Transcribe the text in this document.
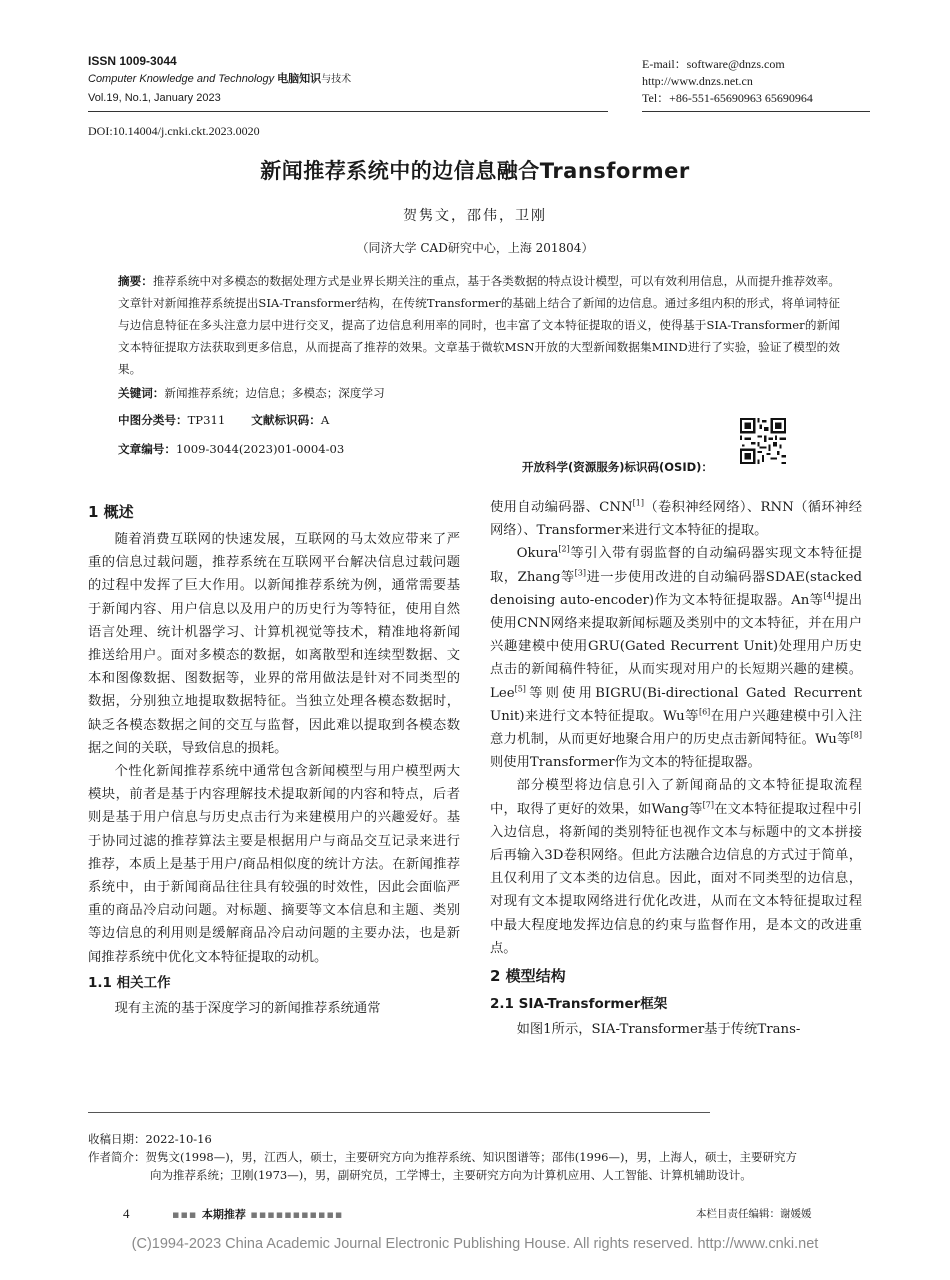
ISSN 1009-3044
Computer Knowledge and Technology 电脑知识与技术
Vol.19, No.1, January 2023
E-mail：software@dnzs.com
http://www.dnzs.net.cn
Tel：+86-551-65690963 65690964
DOI:10.14004/j.cnki.ckt.2023.0020
新闻推荐系统中的边信息融合Transformer
贺隽文，邵伟，卫刚
（同济大学 CAD研究中心，上海 201804）
摘要：推荐系统中对多模态的数据处理方式是业界长期关注的重点，基于各类数据的特点设计模型，可以有效利用信息，从而提升推荐效率。文章针对新闻推荐系统提出SIA-Transformer结构，在传统Transformer的基础上结合了新闻的边信息。通过多组内积的形式，将单词特征与边信息特征在多头注意力层中进行交叉，提高了边信息利用率的同时，也丰富了文本特征提取的语义，使得基于SIA-Transformer的新闻文本特征提取方法获取到更多信息，从而提高了推荐的效果。文章基于微软MSN开放的大型新闻数据集MIND进行了实验，验证了模型的效果。
关键词：新闻推荐系统；边信息；多模态；深度学习
中图分类号：TP311 文献标识码：A
文章编号：1009-3044(2023)01-0004-03
开放科学(资源服务)标识码(OSID)：
1 概述

随着消费互联网的快速发展，互联网的马太效应带来了严重的信息过载问题，推荐系统在互联网平台解决信息过载问题的过程中发挥了巨大作用。以新闻推荐系统为例，通常需要基于新闻内容、用户信息以及用户的历史行为等特征，使用自然语言处理、统计机器学习、计算机视觉等技术，精准地将新闻推送给用户。面对多模态的数据，如离散型和连续型数据、文本和图像数据、图数据等，业界的常用做法是针对不同类型的数据，分别独立地提取数据特征。当独立处理各模态数据时，缺乏各模态数据之间的交互与监督，因此难以提取到各模态数据之间的关联，导致信息的损耗。

个性化新闻推荐系统中通常包含新闻模型与用户模型两大模块，前者是基于内容理解技术提取新闻的内容和特点，后者则是基于用户信息与历史点击行为来建模用户的兴趣爱好。基于协同过滤的推荐算法主要是根据用户与商品交互记录来进行推荐，本质上是基于用户/商品相似度的统计方法。在新闻推荐系统中，由于新闻商品往往具有较强的时效性，因此会面临严重的商品冷启动问题。对标题、摘要等文本信息和主题、类别等边信息的利用则是缓解商品冷启动问题的主要办法，也是新闻推荐系统中优化文本特征提取的动机。

1.1 相关工作

现有主流的基于深度学习的新闻推荐系统通常

使用自动编码器、CNN[1]（卷积神经网络）、RNN（循环神经网络）、Transformer来进行文本特征的提取。

Okura[2]等引入带有弱监督的自动编码器实现文本特征提取，Zhang等[3]进一步使用改进的自动编码器SDAE(stacked denoising auto-encoder)作为文本特征提取器。An等[4]提出使用CNN网络来提取新闻标题及类别中的文本特征，并在用户兴趣建模中使用GRU(Gated Recurrent Unit)处理用户历史点击的新闻稿件特征，从而实现对用户的长短期兴趣的建模。Lee[5]等则使用BIGRU(Bi-directional Gated Recurrent Unit)来进行文本特征提取。Wu等[6]在用户兴趣建模中引入注意力机制，从而更好地聚合用户的历史点击新闻特征。Wu等[8]则使用Transformer作为文本的特征提取器。

部分模型将边信息引入了新闻商品的文本特征提取流程中，取得了更好的效果，如Wang等[7]在文本特征提取过程中引入边信息，将新闻的类别特征也视作文本与标题中的文本拼接后再输入3D卷积网络。但此方法融合边信息的方式过于简单，且仅利用了文本类的边信息。因此，面对不同类型的边信息，对现有文本提取网络进行优化改进，从而在文本特征提取过程中最大程度地发挥边信息的约束与监督作用，是本文的改进重点。

2 模型结构
2.1 SIA-Transformer框架

如图1所示，SIA-Transformer基于传统Trans-

收稿日期：2022-10-16
作者简介：贺隽文(1998—)，男，江西人，硕士，主要研究方向为推荐系统、知识图谱等；邵伟(1996—)，男，上海人，硕士，主要研究方
向为推荐系统；卫刚(1973—)，男，副研究员，工学博士，主要研究方向为计算机应用、人工智能、计算机辅助设计。
4	▪▪▪ 本期推荐 ▪▪▪▪▪▪▪▪▪▪▪	本栏目责任编辑：谢媛媛
(C)1994-2023 China Academic Journal Electronic Publishing House. All rights reserved. http://www.cnki.net
